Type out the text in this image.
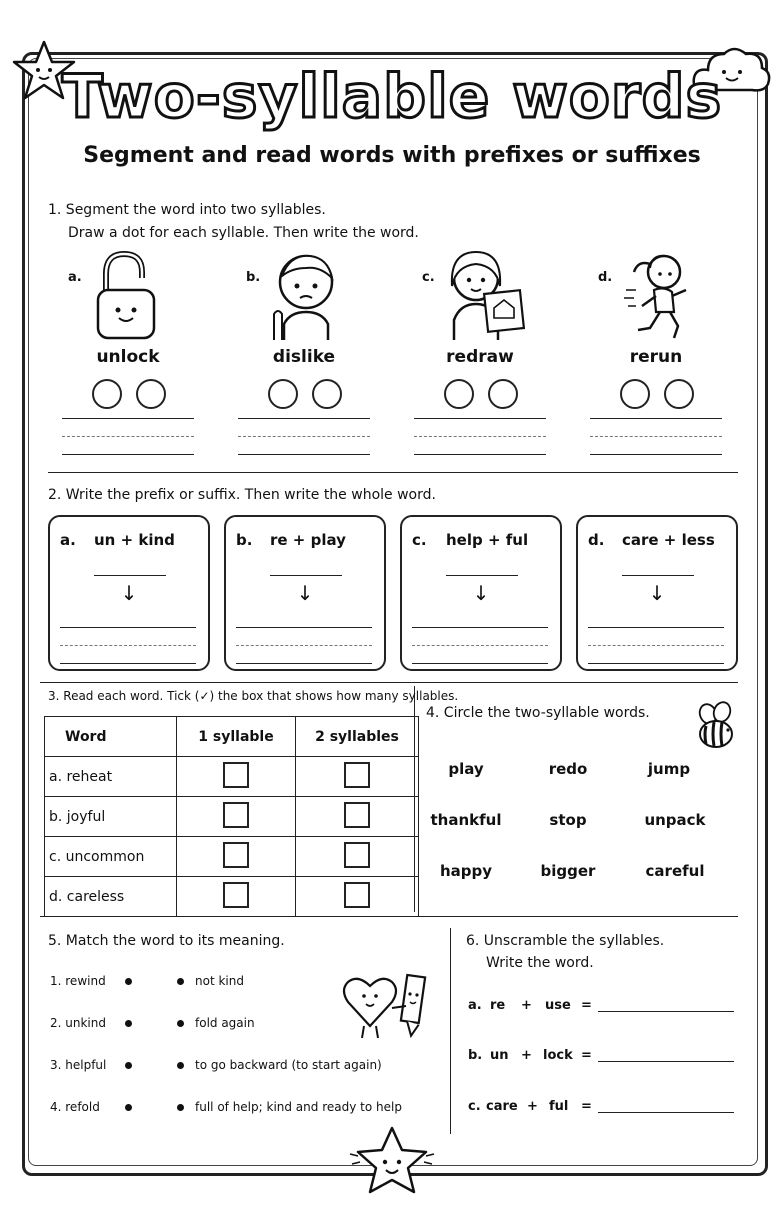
Two-syllable words
Segment and read words with prefixes or suffixes
1. Segment the word into two syllables.
Draw a dot for each syllable. Then write the word.
a.
unlock
b.
dislike
c.
redraw
d.
rerun
2. Write the prefix or suffix. Then write the whole word.
a. un + kind
↓
b. re + play
↓
c. help + ful
↓
d. care + less
↓
3. Read each word. Tick (✓) the box that shows how many syllables.
Word	1 syllable	2 syllables
a. reheat		
b. joyful		
c. uncommon		
d. careless		
4. Circle the two-syllable words.
play	redo	jump
thankful	stop	unpack
happy	bigger	careful
5. Match the word to its meaning.
1. rewind
2. unkind
3. helpful
4. refold
not kind
fold again
to go backward (to start again)
full of help; kind and ready to help
6. Unscramble the syllables.
Write the word.
a. re + use =
b. un + lock =
c. care + ful =
